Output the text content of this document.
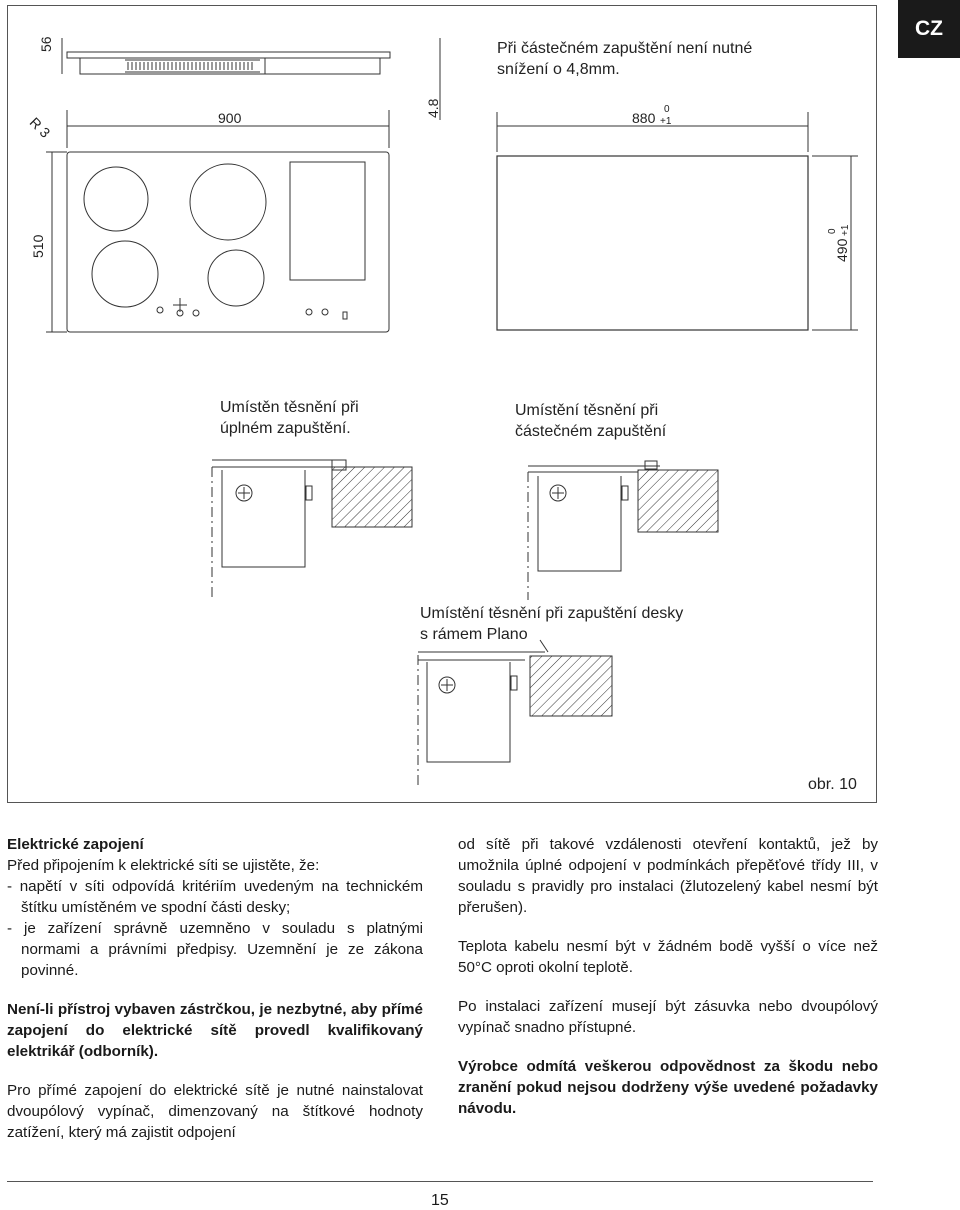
CZ
Při částečném zapuštění není nutné snížení o 4,8mm.
56
4.8
900
R 3
510
880
0
+1
490
0 +1
Umístěn těsnění při úplném zapuštění.
Umístění těsnění při částečném zapuštění
Umístění těsnění při zapuštění desky s rámem Plano
obr. 10

Elektrické zapojení

Před připojením k elektrické síti se ujistěte, že:

- napětí v síti odpovídá kritériím uvedeným na technickém štítku umístěném ve spodní části desky;

- je zařízení správně uzemněno v souladu s platnými normami a právními předpisy. Uzemnění je ze zákona povinné.

Není-li přístroj vybaven zástrčkou, je nezbytné, aby přímé zapojení do elektrické sítě provedl kvalifikovaný elektrikář (odborník).

Pro přímé zapojení do elektrické sítě je nutné nainstalovat dvoupólový vypínač, dimenzovaný na štítkové hodnoty zatížení, který má zajistit odpojení

od sítě při takové vzdálenosti otevření kontaktů, jež by umožnila úplné odpojení v podmínkách přepěťové třídy III, v souladu s pravidly pro instalaci (žlutozelený kabel nesmí být přerušen).

Teplota kabelu nesmí být v žádném bodě vyšší o více než 50°C oproti okolní teplotě.

Po instalaci zařízení musejí být zásuvka nebo dvoupólový vypínač snadno přístupné.

Výrobce odmítá veškerou odpovědnost za škodu nebo zranění pokud nejsou dodrženy výše uvedené požadavky návodu.

15
